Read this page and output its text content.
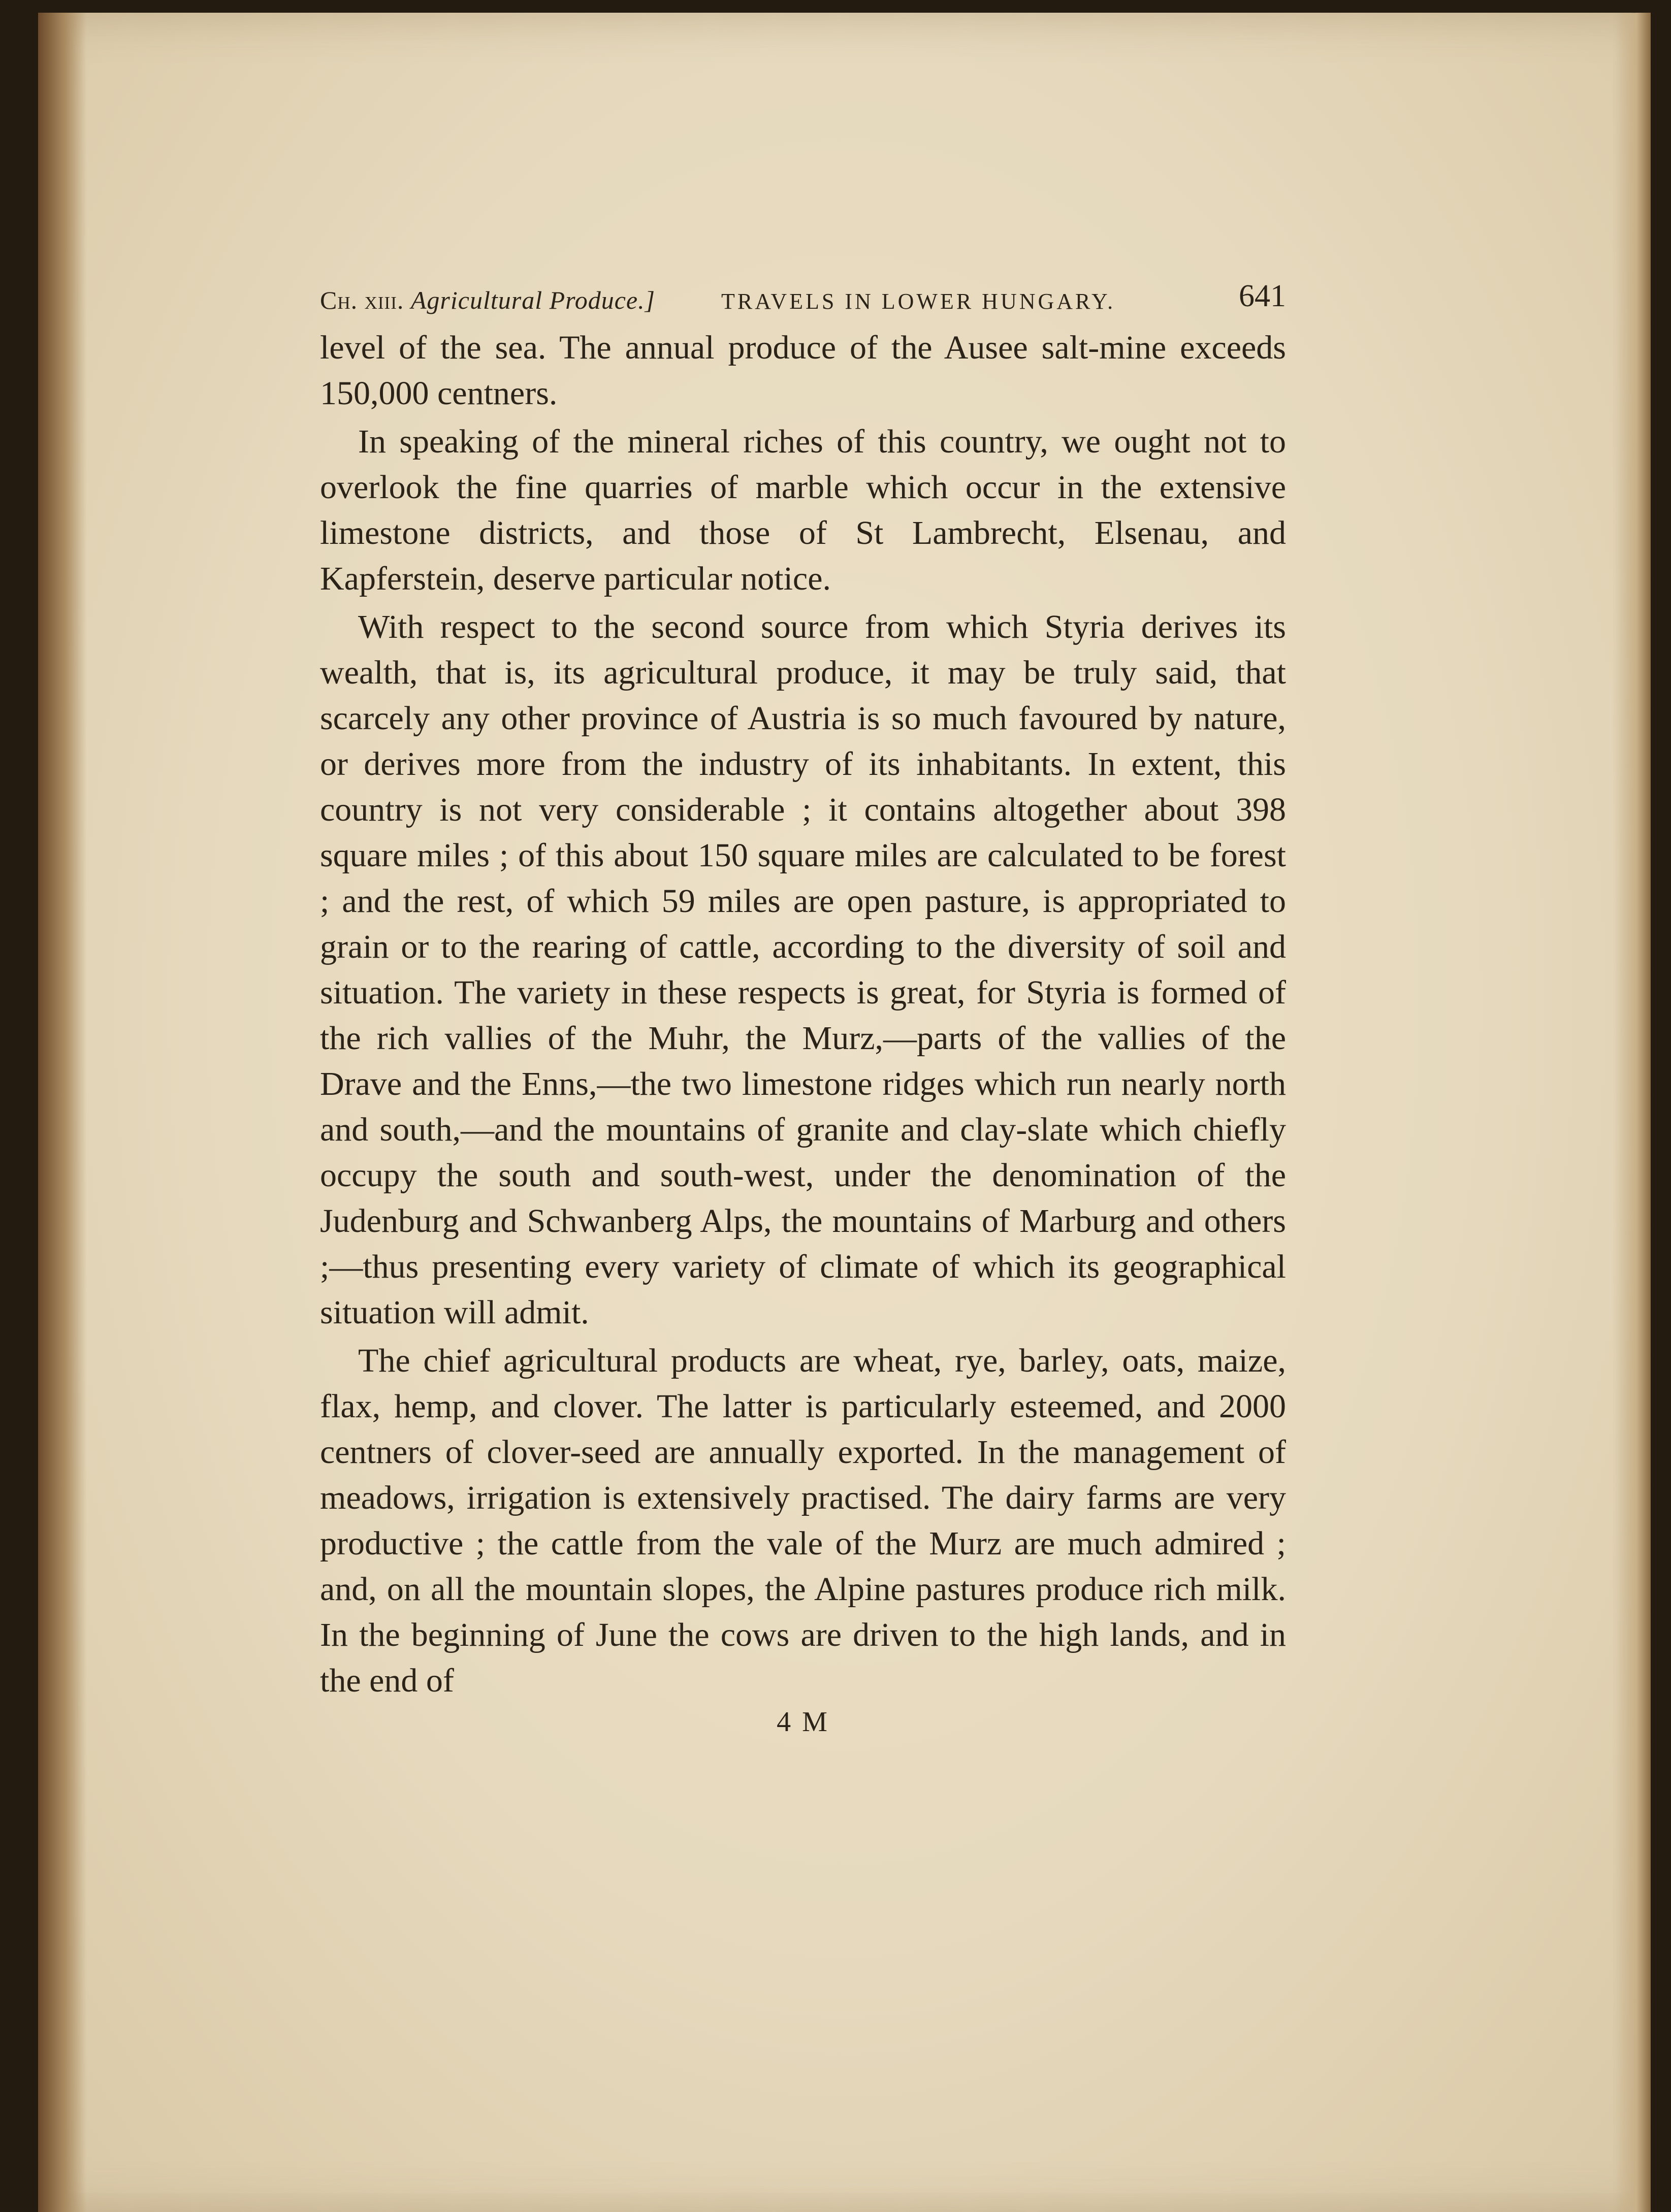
Ch. xiii. Agricultural Produce.]	TRAVELS IN LOWER HUNGARY.	641

level of the sea. The annual produce of the Ausee salt-mine exceeds 150,000 centners.

In speaking of the mineral riches of this country, we ought not to overlook the fine quarries of marble which occur in the extensive limestone districts, and those of St Lambrecht, Elsenau, and Kapferstein, deserve particular notice.

With respect to the second source from which Styria derives its wealth, that is, its agricultural produce, it may be truly said, that scarcely any other province of Austria is so much favoured by nature, or derives more from the industry of its inhabitants. In extent, this country is not very considerable ; it contains altogether about 398 square miles ; of this about 150 square miles are calculated to be forest ; and the rest, of which 59 miles are open pasture, is appropriated to grain or to the rearing of cattle, according to the diversity of soil and situation. The variety in these respects is great, for Styria is formed of the rich vallies of the Muhr, the Murz,—parts of the vallies of the Drave and the Enns,—the two limestone ridges which run nearly north and south,—and the mountains of granite and clay-slate which chiefly occupy the south and south-west, under the denomination of the Judenburg and Schwanberg Alps, the mountains of Marburg and others ;—thus presenting every variety of climate of which its geographical situation will admit.

The chief agricultural products are wheat, rye, barley, oats, maize, flax, hemp, and clover. The latter is particularly esteemed, and 2000 centners of clover-seed are annually exported. In the management of meadows, irrigation is extensively practised. The dairy farms are very productive ; the cattle from the vale of the Murz are much admired ; and, on all the mountain slopes, the Alpine pastures produce rich milk. In the beginning of June the cows are driven to the high lands, and in the end of

4 M
